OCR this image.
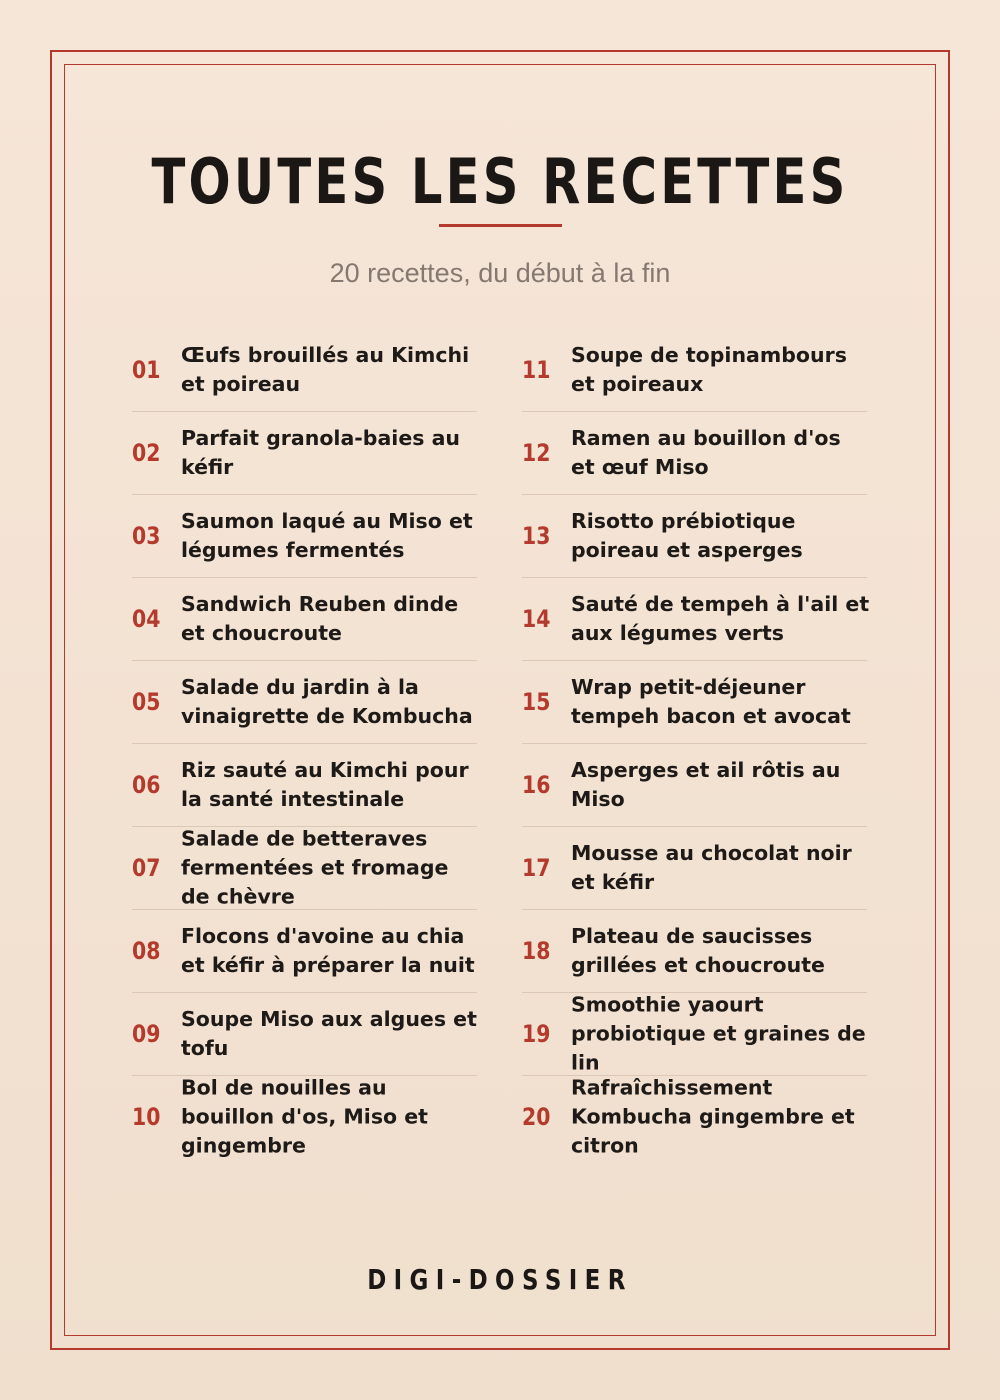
TOUTES LES RECETTES
20 recettes, du début à la fin
01
Œufs brouillés au Kimchi et poireau
02
Parfait granola-baies au kéfir
03
Saumon laqué au Miso et légumes fermentés
04
Sandwich Reuben dinde et choucroute
05
Salade du jardin à la vinaigrette de Kombucha
06
Riz sauté au Kimchi pour la santé intestinale
07
Salade de betteraves fermentées et fromage de chèvre
08
Flocons d'avoine au chia et kéfir à préparer la nuit
09
Soupe Miso aux algues et tofu
10
Bol de nouilles au bouillon d'os, Miso et gingembre
11
Soupe de topinambours et poireaux
12
Ramen au bouillon d'os et œuf Miso
13
Risotto prébiotique poireau et asperges
14
Sauté de tempeh à l'ail et aux légumes verts
15
Wrap petit-déjeuner tempeh bacon et avocat
16
Asperges et ail rôtis au Miso
17
Mousse au chocolat noir et kéfir
18
Plateau de saucisses grillées et choucroute
19
Smoothie yaourt probiotique et graines de lin
20
Rafraîchissement Kombucha gingembre et citron
DIGI-DOSSIER
